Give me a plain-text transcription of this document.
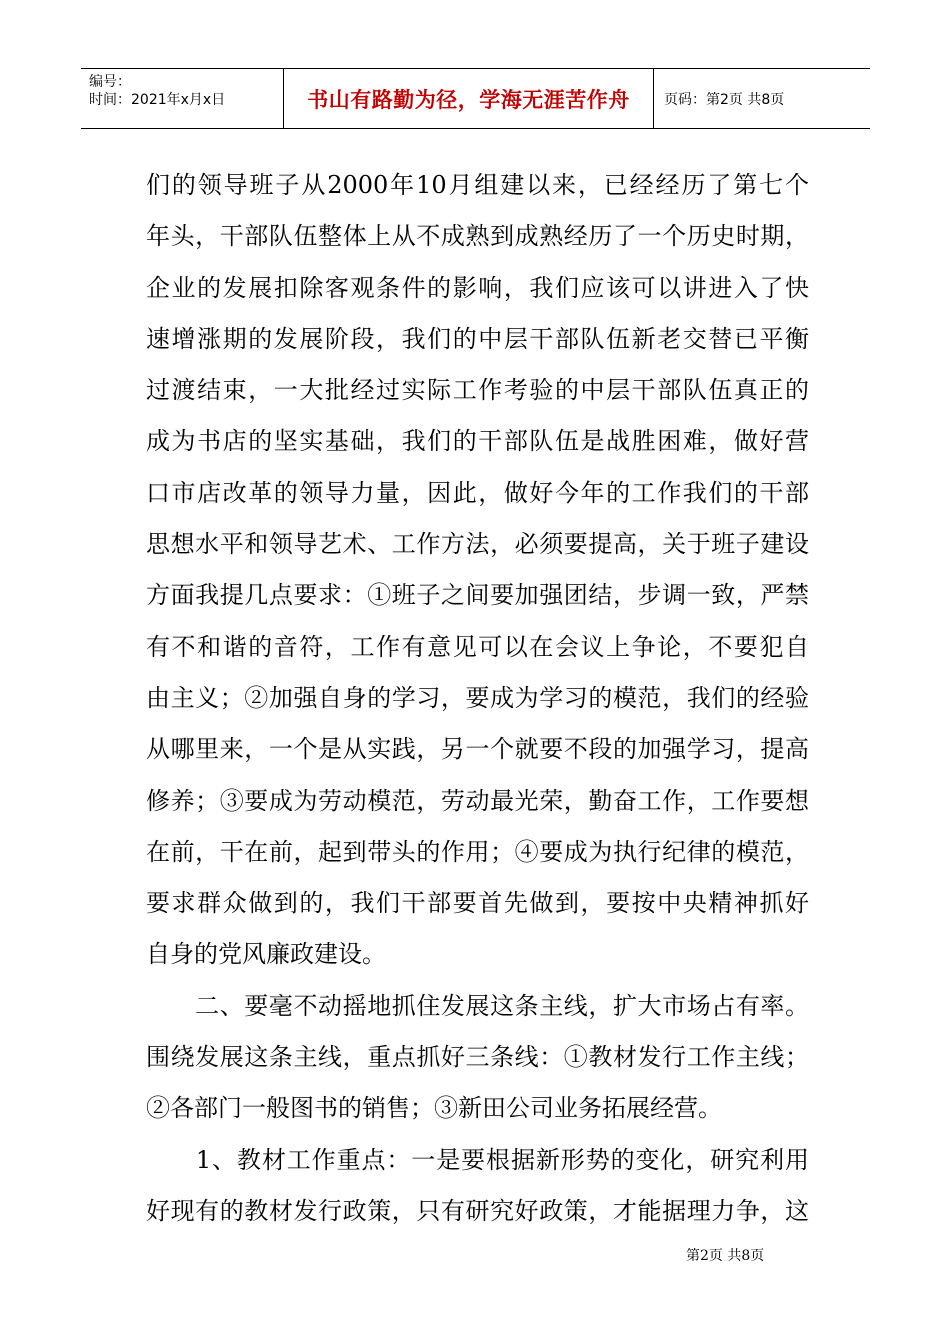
编号：
时间：2021年x月x日	书山有路勤为径，学海无涯苦作舟	页码：第2页 共8页
们的领导班子从2000年10月组建以来，已经经历了第七个
年头，干部队伍整体上从不成熟到成熟经历了一个历史时期，
企业的发展扣除客观条件的影响，我们应该可以讲进入了快
速增涨期的发展阶段，我们的中层干部队伍新老交替已平衡
过渡结束，一大批经过实际工作考验的中层干部队伍真正的
成为书店的坚实基础，我们的干部队伍是战胜困难，做好营
口市店改革的领导力量，因此，做好今年的工作我们的干部
思想水平和领导艺术、工作方法，必须要提高，关于班子建设
方面我提几点要求：①班子之间要加强团结，步调一致，严禁
有不和谐的音符，工作有意见可以在会议上争论，不要犯自
由主义；②加强自身的学习，要成为学习的模范，我们的经验
从哪里来，一个是从实践，另一个就要不段的加强学习，提高
修养；③要成为劳动模范，劳动最光荣，勤奋工作，工作要想
在前，干在前，起到带头的作用；④要成为执行纪律的模范，
要求群众做到的，我们干部要首先做到，要按中央精神抓好
自身的党风廉政建设。
　　二、要毫不动摇地抓住发展这条主线，扩大市场占有率。
围绕发展这条主线，重点抓好三条线：①教材发行工作主线；
②各部门一般图书的销售；③新田公司业务拓展经营。
　　1、教材工作重点：一是要根据新形势的变化，研究利用
好现有的教材发行政策，只有研究好政策，才能据理力争，这
第2页 共8页
